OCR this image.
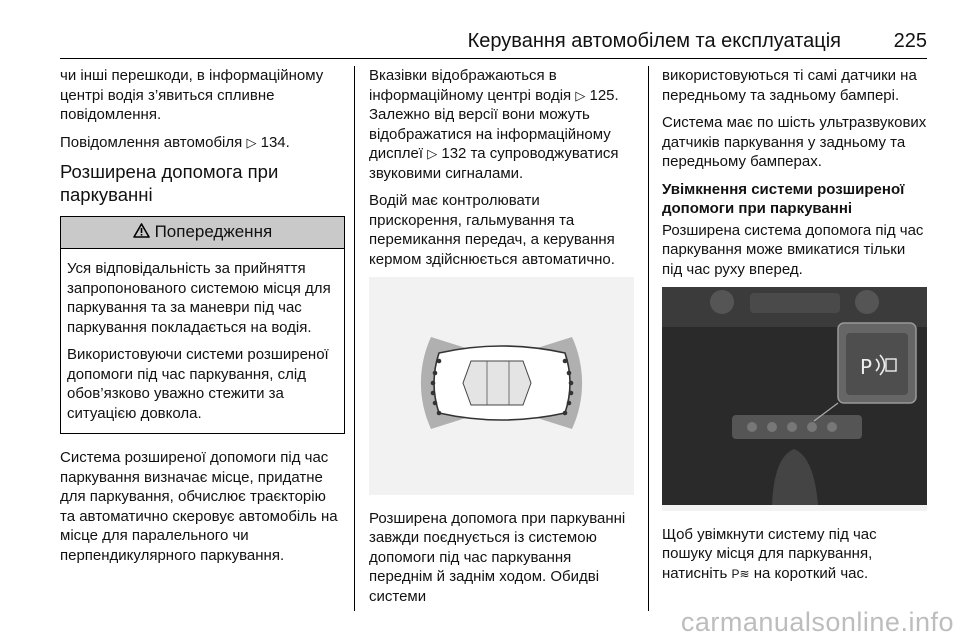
Керування автомобілем та експлуатація	225

чи інші перешкоди, в інформаційному центрі водія з’явиться спливне повідомлення.

Повідомлення автомобіля ▷ 134.

Розширена допомога при паркуванні
Попередження

Уся відповідальність за прийняття запропонованого системою місця для паркування та за маневри під час паркування покладається на водія.

Використовуючи системи розширеної допомоги під час паркування, слід обов’язково уважно стежити за ситуацією довкола.

Система розширеної допомоги під час паркування визначає місце, придатне для паркування, обчислює траєкторію та автоматично скеровує автомобіль на місце для паралельного чи перпендикулярного паркування.

Вказівки відображаються в інформаційному центрі водія ▷ 125. Залежно від версії вони можуть відображатися на інформаційному дисплеї ▷ 132 та супроводжуватися звуковими сигналами.

Водій має контролювати прискорення, гальмування та перемикання передач, а керування кермом здійснюється автоматично.

Розширена допомога при паркуванні завжди поєднується із системою допомоги під час паркування переднім й заднім ходом. Обидві системи

використовуються ті самі датчики на передньому та задньому бампері.

Система має по шість ультразвукових датчиків паркування у задньому та передньому бамперах.

Увімкнення системи розширеної допомоги при паркуванні

Розширена система допомога під час паркування може вмикатися тільки під час руху вперед.

P

Щоб увімкнути систему під час пошуку місця для паркування, натисніть P≋ на короткий час.

carmanualsonline.info
